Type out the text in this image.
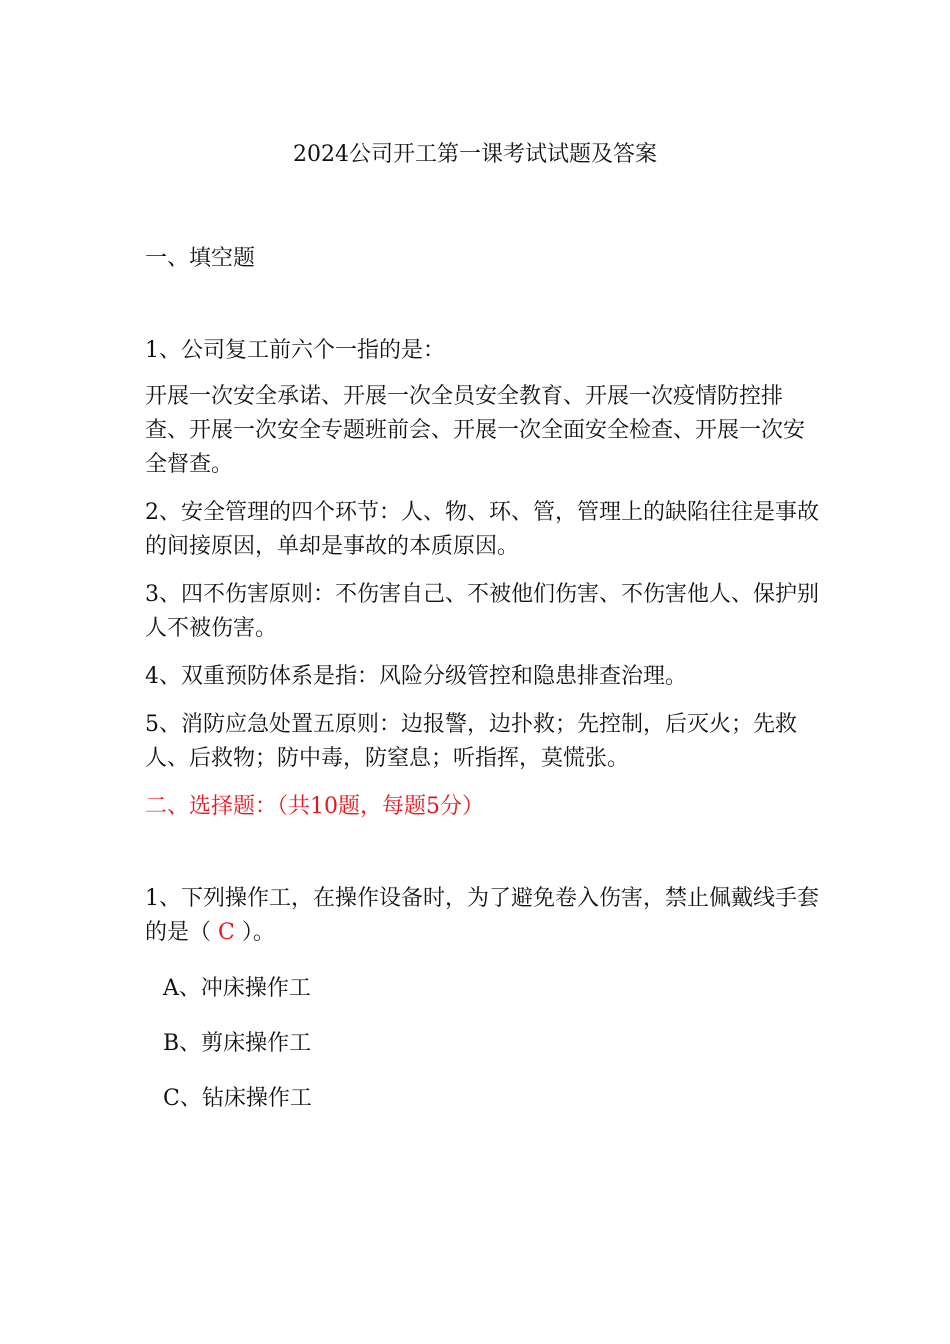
2024公司开工第一课考试试题及答案
一、填空题
1、公司复工前六个一指的是：
开展一次安全承诺、开展一次全员安全教育、开展一次疫情防控排查、开展一次安全专题班前会、开展一次全面安全检查、开展一次安全督查。
2、安全管理的四个环节：人、物、环、管，管理上的缺陷往往是事故的间接原因，单却是事故的本质原因。
3、四不伤害原则：不伤害自己、不被他们伤害、不伤害他人、保护别人不被伤害。
4、双重预防体系是指：风险分级管控和隐患排查治理。
5、消防应急处置五原则：边报警，边扑救；先控制，后灭火；先救人、后救物；防中毒，防窒息；听指挥，莫慌张。
二、选择题：（共10题，每题5分）
1、下列操作工，在操作设备时，为了避免卷入伤害，禁止佩戴线手套的是（ C ）。
A、冲床操作工
B、剪床操作工
C、钻床操作工
